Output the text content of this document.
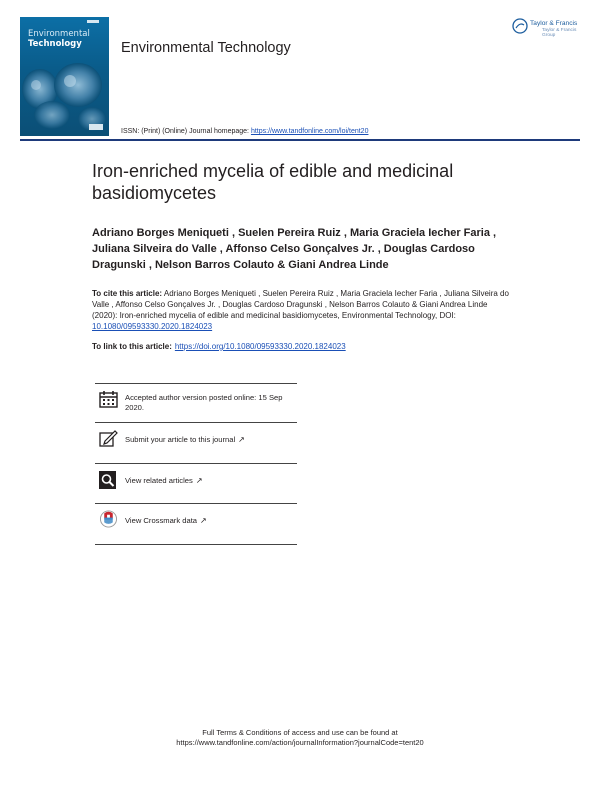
Environmental
Technology	Environmental Technology
Taylor & Francis
Taylor & Francis Group
ISSN: (Print) (Online) Journal homepage: https://www.tandfonline.com/loi/tent20
Iron-enriched mycelia of edible and medicinal basidiomycetes
Adriano Borges Meniqueti , Suelen Pereira Ruiz , Maria Graciela Iecher Faria , Juliana Silveira do Valle , Affonso Celso Gonçalves Jr. , Douglas Cardoso Dragunski , Nelson Barros Colauto & Giani Andrea Linde
To cite this article: Adriano Borges Meniqueti , Suelen Pereira Ruiz , Maria Graciela Iecher Faria , Juliana Silveira do Valle , Affonso Celso Gonçalves Jr. , Douglas Cardoso Dragunski , Nelson Barros Colauto & Giani Andrea Linde (2020): Iron-enriched mycelia of edible and medicinal basidiomycetes, Environmental Technology, DOI: 10.1080/09593330.2020.1824023
To link to this article: https://doi.org/10.1080/09593330.2020.1824023
Accepted author version posted online: 15 Sep 2020.
Submit your article to this journal ↗
View related articles ↗
View Crossmark data ↗
Full Terms & Conditions of access and use can be found at
https://www.tandfonline.com/action/journalInformation?journalCode=tent20
